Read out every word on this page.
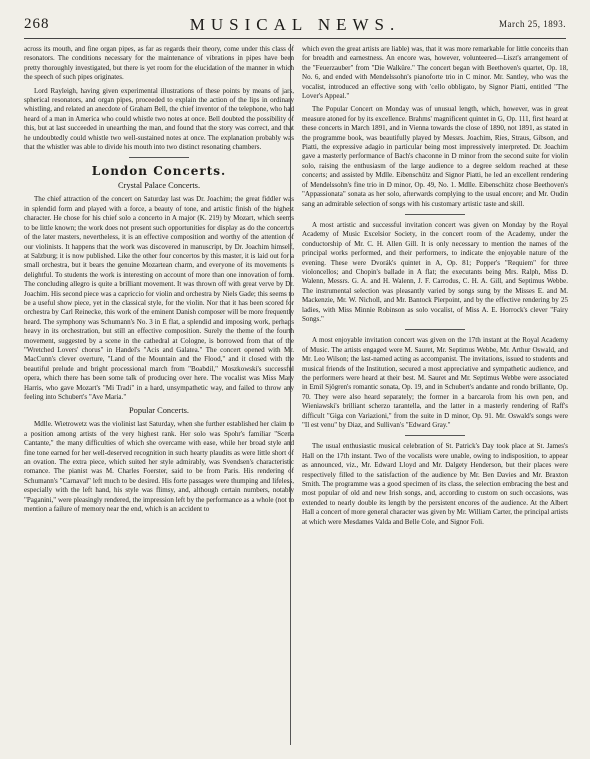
268	MUSICAL NEWS.	March 25, 1893.

across its mouth, and fine organ pipes, as far as regards their theory, come under this class of resonators. The conditions necessary for the maintenance of vibrations in pipes have been pretty thoroughly investigated, but there is yet room for the elucidation of the manner in which the speech of such pipes originates.

Lord Rayleigh, having given experimental illustrations of these points by means of jars, spherical resonators, and organ pipes, proceeded to explain the action of the lips in ordinary whistling, and related an anecdote of Graham Bell, the chief inventor of the telephone, who had heard of a man in America who could whistle two notes at once. Bell doubted the possibility of this, but at last succeeded in unearthing the man, and found that the story was correct, and that he undoubtedly could whistle two well-sustained notes at once. The explanation probably was that the whistler was able to divide his mouth into two distinct resonating chambers.

London Concerts.
Crystal Palace Concerts.

The chief attraction of the concert on Saturday last was Dr. Joachim; the great fiddler was in splendid form and played with a force, a beauty of tone, and artistic finish of the highest character. He chose for his chief solo a concerto in A major (K. 219) by Mozart, which seems to be little known; the work does not present such opportunities for display as do the concertos of the later masters, nevertheless, it is an effective composition and worthy of the attention of our violinists. It happens that the work was discovered in manuscript, by Dr. Joachim himself, at Salzburg; it is now published. Like the other four concertos by this master, it is laid out for a small orchestra, but it bears the genuine Mozartean charm, and everyone of its movements is delightful. To students the work is interesting on account of more than one innovation of form. The concluding allegro is quite a brilliant movement. It was thrown off with great verve by Dr. Joachim. His second piece was a capriccio for violin and orchestra by Niels Gade; this seems to be a useful show piece, yet in the classical style, for the violin. Nor that it has been scored for orchestra by Carl Reinecke, this work of the eminent Danish composer will be more frequently heard. The symphony was Schumann's No. 3 in E flat, a splendid and imposing work, perhaps heavy in its orchestration, but still an effective composition. Surely the theme of the fourth movement, suggested by a scene in the cathedral at Cologne, is borrowed from that of the "Wretched Lovers' chorus" in Handel's "Acis and Galatea." The concert opened with Mr. MacCunn's clever overture, "Land of the Mountain and the Flood," and it closed with the beautiful prelude and bright processional march from "Boabdil," Moszkowski's successful opera, which there has been some talk of producing over here. The vocalist was Miss Mary Harris, who gave Mozart's "Mi Tradi" in a hard, unsympathetic way, and failed to throw any feeling into Schubert's "Ave Maria."

Popular Concerts.

Mdlle. Wietrowetz was the violinist last Saturday, when she further established her claim to a position among artists of the very highest rank. Her solo was Spohr's familiar "Scena Cantante," the many difficulties of which she overcame with ease, while her broad style and fine tone earned for her well-deserved recognition in such hearty plaudits as were little short of an ovation. The extra piece, which suited her style admirably, was Svendsen's characteristic romance. The pianist was M. Charles Foerster, said to be from Paris. His rendering of Schumann's "Carnaval" left much to be desired. His forte passages were thumping and lifeless, especially with the left hand, his style was flimsy, and, although certain numbers, notably "Paganini," were pleasingly rendered, the impression left by the performance as a whole (not to mention a failure of memory near the end, which is an accident to

which even the great artists are liable) was, that it was more remarkable for little conceits than for breadth and earnestness. An encore was, however, volunteered—Liszt's arrangement of the "Feuerzauber" from "Die Walküre." The concert began with Beethoven's quartet, Op. 18, No. 6, and ended with Mendelssohn's pianoforte trio in C minor. Mr. Santley, who was the vocalist, introduced an effective song with 'cello obbligato, by Signor Piatti, entitled "The Lover's Appeal."

The Popular Concert on Monday was of unusual length, which, however, was in great measure atoned for by its excellence. Brahms' magnificent quintet in G, Op. 111, first heard at these concerts in March 1891, and in Vienna towards the close of 1890, not 1891, as stated in the programme book, was beautifully played by Messrs. Joachim, Ries, Straus, Gibson, and Piatti, the expressive adagio in particular being most impressively interpreted. Dr. Joachim gave a masterly performance of Bach's chaconne in D minor from the second suite for violin solo, raising the enthusiasm of the large audience to a degree seldom reached at these concerts; and assisted by Mdlle. Eibenschütz and Signor Piatti, he led an excellent rendering of Mendelssohn's fine trio in D minor, Op. 49, No. 1. Mdlle. Eibenschütz chose Beethoven's "Appassionata" sonata as her solo, afterwards complying to the usual encore; and Mr. Oudin sang an admirable selection of songs with his customary artistic taste and skill.

A most artistic and successful invitation concert was given on Monday by the Royal Academy of Music Excelsior Society, in the concert room of the Academy, under the conductorship of Mr. C. H. Allen Gill. It is only necessary to mention the names of the principal works performed, and their performers, to indicate the enjoyable nature of the evening. These were Dvorák's quintet in A, Op. 81; Popper's "Requiem" for three violoncellos; and Chopin's ballade in A flat; the executants being Mrs. Ralph, Miss D. Walenn, Messrs. G. A. and H. Walenn, J. F. Carrodus, C. H. A. Gill, and Septimus Webbe. The instrumental selection was pleasantly varied by songs sung by the Misses E. and M. Mackenzie, Mr. W. Nicholl, and Mr. Bantock Pierpoint, and by the effective rendering by 25 ladies, with Miss Minnie Robinson as solo vocalist, of Miss A. E. Horrock's clever "Fairy Songs."

A most enjoyable invitation concert was given on the 17th instant at the Royal Academy of Music. The artists engaged were M. Sauret, Mr. Septimus Webbe, Mr. Arthur Oswald, and Mr. Leo Wilson; the last-named acting as accompanist. The invitations, issued to students and musical friends of the Institution, secured a most appreciative and sympathetic audience, and the performers were heard at their best. M. Sauret and Mr. Septimus Webbe were associated in Emil Sjögren's romantic sonata, Op. 19, and in Schubert's andante and rondo brillante, Op. 70. They were also heard separately; the former in a barcarola from his own pen, and Wieniawski's brilliant scherzo tarantella, and the latter in a masterly rendering of Raff's difficult "Giga con Variazioni," from the suite in D minor, Op. 91. Mr. Oswald's songs were "Il est venu" by Diaz, and Sullivan's "Edward Gray."

The usual enthusiastic musical celebration of St. Patrick's Day took place at St. James's Hall on the 17th instant. Two of the vocalists were unable, owing to indisposition, to appear as announced, viz., Mr. Edward Lloyd and Mr. Dalgety Henderson, but their places were respectively filled to the satisfaction of the audience by Mr. Ben Davies and Mr. Braxton Smith. The programme was a good specimen of its class, the selection embracing the best and most popular of old and new Irish songs, and, according to custom on such occasions, was extended to nearly double its length by the persistent encores of the audience. At the Albert Hall a concert of more general character was given by Mr. William Carter, the principal artists at which were Mesdames Valda and Belle Cole, and Signor Foli.
